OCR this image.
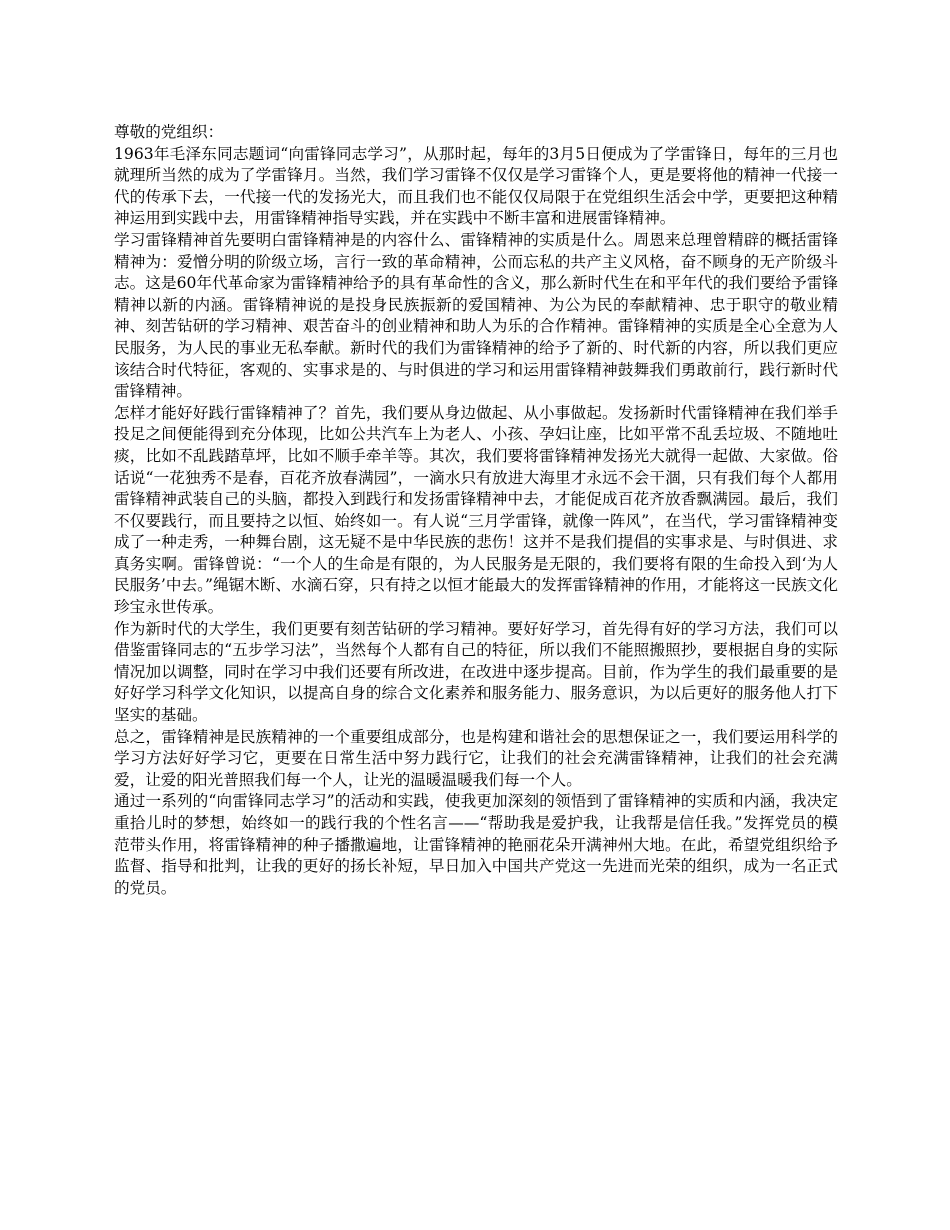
尊敬的党组织：

1963年毛泽东同志题词“向雷锋同志学习”，从那时起，每年的3月5日便成为了学雷锋日，每年的三月也就理所当然的成为了学雷锋月。当然，我们学习雷锋不仅仅是学习雷锋个人，更是要将他的精神一代接一代的传承下去，一代接一代的发扬光大，而且我们也不能仅仅局限于在党组织生活会中学，更要把这种精神运用到实践中去，用雷锋精神指导实践，并在实践中不断丰富和进展雷锋精神。

学习雷锋精神首先要明白雷锋精神是的内容什么、雷锋精神的实质是什么。周恩来总理曾精辟的概括雷锋精神为：爱憎分明的阶级立场，言行一致的革命精神，公而忘私的共产主义风格，奋不顾身的无产阶级斗志。这是60年代革命家为雷锋精神给予的具有革命性的含义，那么新时代生在和平年代的我们要给予雷锋精神以新的内涵。雷锋精神说的是投身民族振新的爱国精神、为公为民的奉献精神、忠于职守的敬业精神、刻苦钻研的学习精神、艰苦奋斗的创业精神和助人为乐的合作精神。雷锋精神的实质是全心全意为人民服务，为人民的事业无私奉献。新时代的我们为雷锋精神的给予了新的、时代新的内容，所以我们更应该结合时代特征，客观的、实事求是的、与时俱进的学习和运用雷锋精神鼓舞我们勇敢前行，践行新时代雷锋精神。

怎样才能好好践行雷锋精神了？首先，我们要从身边做起、从小事做起。发扬新时代雷锋精神在我们举手投足之间便能得到充分体现，比如公共汽车上为老人、小孩、孕妇让座，比如平常不乱丢垃圾、不随地吐痰，比如不乱践踏草坪，比如不顺手牵羊等。其次，我们要将雷锋精神发扬光大就得一起做、大家做。俗话说“一花独秀不是春，百花齐放春满园”，一滴水只有放进大海里才永远不会干涸，只有我们每个人都用雷锋精神武装自己的头脑，都投入到践行和发扬雷锋精神中去，才能促成百花齐放香飘满园。最后，我们不仅要践行，而且要持之以恒、始终如一。有人说“三月学雷锋，就像一阵风”，在当代，学习雷锋精神变成了一种走秀，一种舞台剧，这无疑不是中华民族的悲伤！这并不是我们提倡的实事求是、与时俱进、求真务实啊。雷锋曾说：“一个人的生命是有限的，为人民服务是无限的，我们要将有限的生命投入到‘为人民服务’中去。”绳锯木断、水滴石穿，只有持之以恒才能最大的发挥雷锋精神的作用，才能将这一民族文化珍宝永世传承。

作为新时代的大学生，我们更要有刻苦钻研的学习精神。要好好学习，首先得有好的学习方法，我们可以借鉴雷锋同志的“五步学习法”，当然每个人都有自己的特征，所以我们不能照搬照抄，要根据自身的实际情况加以调整，同时在学习中我们还要有所改进，在改进中逐步提高。目前，作为学生的我们最重要的是好好学习科学文化知识，以提高自身的综合文化素养和服务能力、服务意识，为以后更好的服务他人打下坚实的基础。

总之，雷锋精神是民族精神的一个重要组成部分，也是构建和谐社会的思想保证之一，我们要运用科学的学习方法好好学习它，更要在日常生活中努力践行它，让我们的社会充满雷锋精神，让我们的社会充满爱，让爱的阳光普照我们每一个人，让光的温暖温暖我们每一个人。

通过一系列的“向雷锋同志学习”的活动和实践，使我更加深刻的领悟到了雷锋精神的实质和内涵，我决定重拾儿时的梦想，始终如一的践行我的个性名言——“帮助我是爱护我，让我帮是信任我。”发挥党员的模范带头作用，将雷锋精神的种子播撒遍地，让雷锋精神的艳丽花朵开满神州大地。在此，希望党组织给予监督、指导和批判，让我的更好的扬长补短，早日加入中国共产党这一先进而光荣的组织，成为一名正式的党员。
